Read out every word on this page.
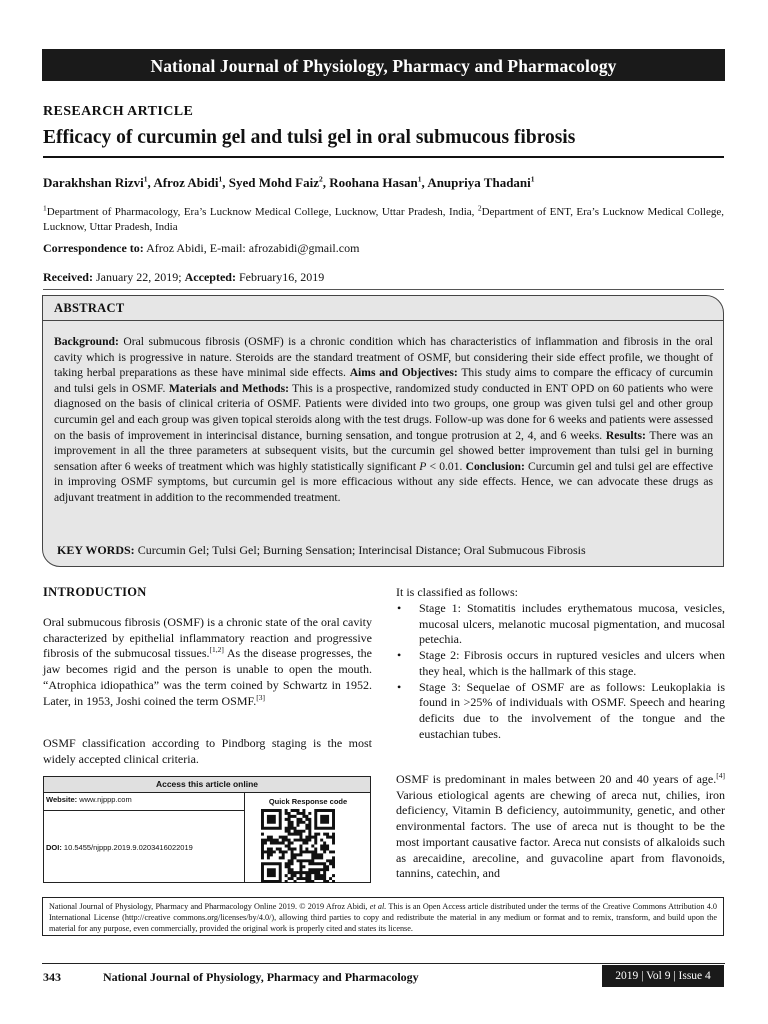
National Journal of Physiology, Pharmacy and Pharmacology
RESEARCH ARTICLE
Efficacy of curcumin gel and tulsi gel in oral submucous fibrosis
Darakhshan Rizvi$^1$, Afroz Abidi$^1$, Syed Mohd Faiz$^2$, Roohana Hasan$^1$, Anupriya Thadani$^1$
$^1$Department of Pharmacology, Era’s Lucknow Medical College, Lucknow, Uttar Pradesh, India, $^2$Department of ENT, Era’s Lucknow Medical College, Lucknow, Uttar Pradesh, India
Correspondence to: Afroz Abidi, E-mail: afrozabidi@gmail.com
Received: January 22, 2019; Accepted: February16, 2019
ABSTRACT
Background: Oral submucous fibrosis (OSMF) is a chronic condition which has characteristics of inflammation and fibrosis in the oral cavity which is progressive in nature. Steroids are the standard treatment of OSMF, but considering their side effect profile, we thought of taking herbal preparations as these have minimal side effects. Aims and Objectives: This study aims to compare the efficacy of curcumin and tulsi gels in OSMF. Materials and Methods: This is a prospective, randomized study conducted in ENT OPD on 60 patients who were diagnosed on the basis of clinical criteria of OSMF. Patients were divided into two groups, one group was given tulsi gel and other group curcumin gel and each group was given topical steroids along with the test drugs. Follow-up was done for 6 weeks and patients were assessed on the basis of improvement in interincisal distance, burning sensation, and tongue protrusion at 2, 4, and 6 weeks. Results: There was an improvement in all the three parameters at subsequent visits, but the curcumin gel showed better improvement than tulsi gel in burning sensation after 6 weeks of treatment which was highly statistically significant P < 0.01. Conclusion: Curcumin gel and tulsi gel are effective in improving OSMF symptoms, but curcumin gel is more efficacious without any side effects. Hence, we can advocate these drugs as adjuvant treatment in addition to the recommended treatment.
KEY WORDS: Curcumin Gel; Tulsi Gel; Burning Sensation; Interincisal Distance; Oral Submucous Fibrosis
INTRODUCTION
Oral submucous fibrosis (OSMF) is a chronic state of the oral cavity characterized by epithelial inflammatory reaction and progressive fibrosis of the submucosal tissues.[1,2] As the disease progresses, the jaw becomes rigid and the person is unable to open the mouth. “Atrophica idiopathica” was the term coined by Schwartz in 1952. Later, in 1953, Joshi coined the term OSMF.[3]
OSMF classification according to Pindborg staging is the most widely accepted clinical criteria.
Access this article online
Website: www.njppp.com
DOI: 10.5455/njppp.2019.9.0203416022019
Quick Response code
It is classified as follows:
• Stage 1: Stomatitis includes erythematous mucosa, vesicles, mucosal ulcers, melanotic mucosal pigmentation, and mucosal petechia.
• Stage 2: Fibrosis occurs in ruptured vesicles and ulcers when they heal, which is the hallmark of this stage.
• Stage 3: Sequelae of OSMF are as follows: Leukoplakia is found in >25% of individuals with OSMF. Speech and hearing deficits due to the involvement of the tongue and the eustachian tubes.
OSMF is predominant in males between 20 and 40 years of age.[4] Various etiological agents are chewing of areca nut, chilies, iron deficiency, Vitamin B deficiency, autoimmunity, genetic, and other environmental factors. The use of areca nut is thought to be the most important causative factor. Areca nut consists of alkaloids such as arecaidine, arecoline, and guvacoline apart from flavonoids, tannins, catechin, and
National Journal of Physiology, Pharmacy and Pharmacology Online 2019. © 2019 Afroz Abidi, et al. This is an Open Access article distributed under the terms of the Creative Commons Attribution 4.0 International License (http://creative commons.org/licenses/by/4.0/), allowing third parties to copy and redistribute the material in any medium or format and to remix, transform, and build upon the material for any purpose, even commercially, provided the original work is properly cited and states its license.
343	National Journal of Physiology, Pharmacy and Pharmacology	2019 | Vol 9 | Issue 4
